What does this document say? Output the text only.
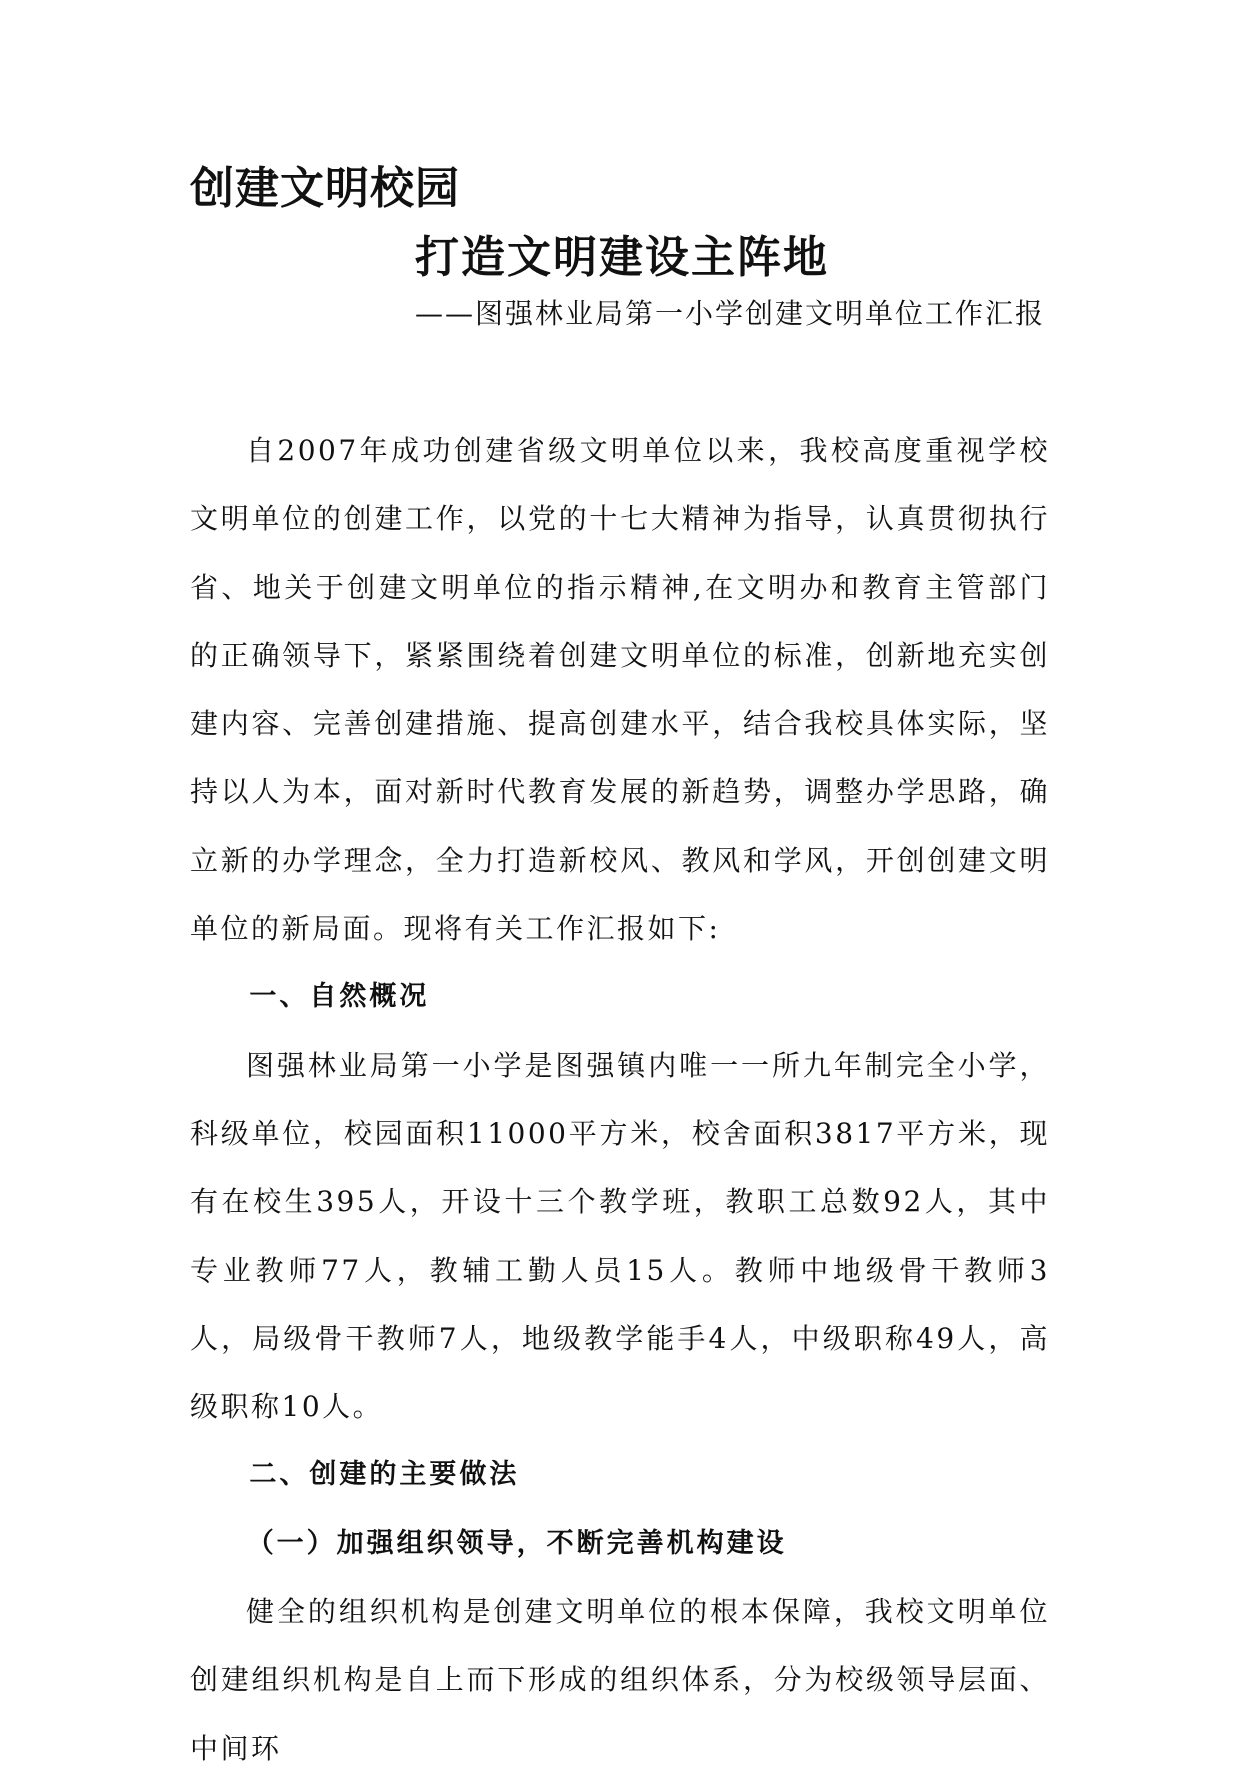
创建文明校园
打造文明建设主阵地
——图强林业局第一小学创建文明单位工作汇报

自2007年成功创建省级文明单位以来，我校高度重视学校文明单位的创建工作，以党的十七大精神为指导，认真贯彻执行省、地关于创建文明单位的指示精神,在文明办和教育主管部门的正确领导下，紧紧围绕着创建文明单位的标准，创新地充实创建内容、完善创建措施、提高创建水平，结合我校具体实际，坚持以人为本，面对新时代教育发展的新趋势，调整办学思路，确立新的办学理念，全力打造新校风、教风和学风，开创创建文明单位的新局面。现将有关工作汇报如下:

一、自然概况

图强林业局第一小学是图强镇内唯一一所九年制完全小学，科级单位，校园面积11000平方米，校舍面积3817平方米，现有在校生395人，开设十三个教学班，教职工总数92人，其中专业教师77人，教辅工勤人员15人。教师中地级骨干教师3人，局级骨干教师7人，地级教学能手4人，中级职称49人，高级职称10人。

二、创建的主要做法

（一）加强组织领导，不断完善机构建设

健全的组织机构是创建文明单位的根本保障，我校文明单位创建组织机构是自上而下形成的组织体系，分为校级领导层面、中间环
